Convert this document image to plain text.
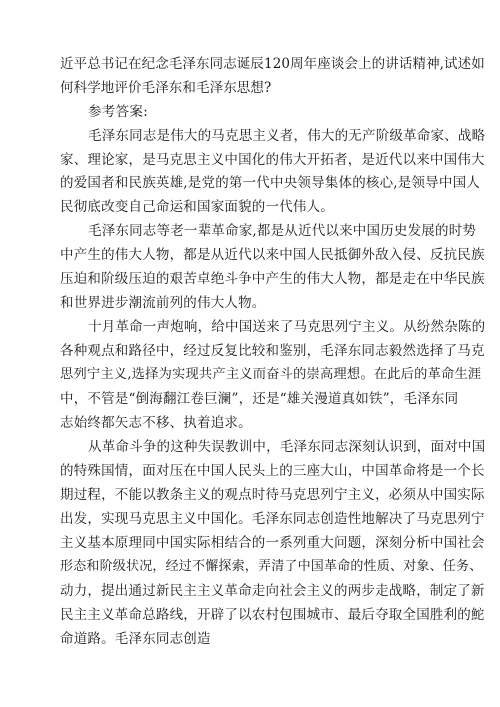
近平总书记在纪念毛泽东同志诞辰120周年座谈会上的讲话精神,试述如

何科学地评价毛泽东和毛泽东思想?

参考答案:

毛泽东同志是伟大的马克思主义者，伟大的无产阶级革命家、战略

家、理论家，是马克思主义中国化的伟大开拓者，是近代以来中国伟大

的爱国者和民族英雄,是党的第一代中央领导集体的核心,是领导中国人

民彻底改变自己命运和国家面貌的一代伟人。

毛泽东同志等老一辈革命家,都是从近代以来中国历史发展的时势

中产生的伟大人物，都是从近代以来中国人民抵御外敌入侵、反抗民族

压迫和阶级压迫的艰苦卓绝斗争中产生的伟大人物，都是走在中华民族

和世界进步潮流前列的伟大人物。

十月革命一声炮响，给中国送来了马克思列宁主义。从纷然杂陈的

各种观点和路径中，经过反复比较和鉴别，毛泽东同志毅然选择了马克

思列宁主义,选择为实现共产主义而奋斗的崇高理想。在此后的革命生涯

中，不管是“倒海翻江卷巨澜”，还是“雄关漫道真如铁”，毛泽东同

志始终都矢志不移、执着追求。

从革命斗争的这种失误教训中，毛泽东同志深刻认识到，面对中国

的特殊国情，面对压在中国人民头上的三座大山，中国革命将是一个长

期过程，不能以教条主义的观点时待马克思列宁主义，必须从中国实际

出发，实现马克思主义中国化。毛泽东同志创造性地解决了马克思列宁

主义基本原理同中国实际相结合的一系列重大问题，深刻分析中国社会

形态和阶级状况，经过不懈探索，弄清了中国革命的性质、对象、任务、

动力，提出通过新民主主义革命走向社会主义的两步走战略，制定了新

民主主义革命总路线，开辟了以农村包围城市、最后夺取全国胜利的鮀

命道路。毛泽东同志创造
